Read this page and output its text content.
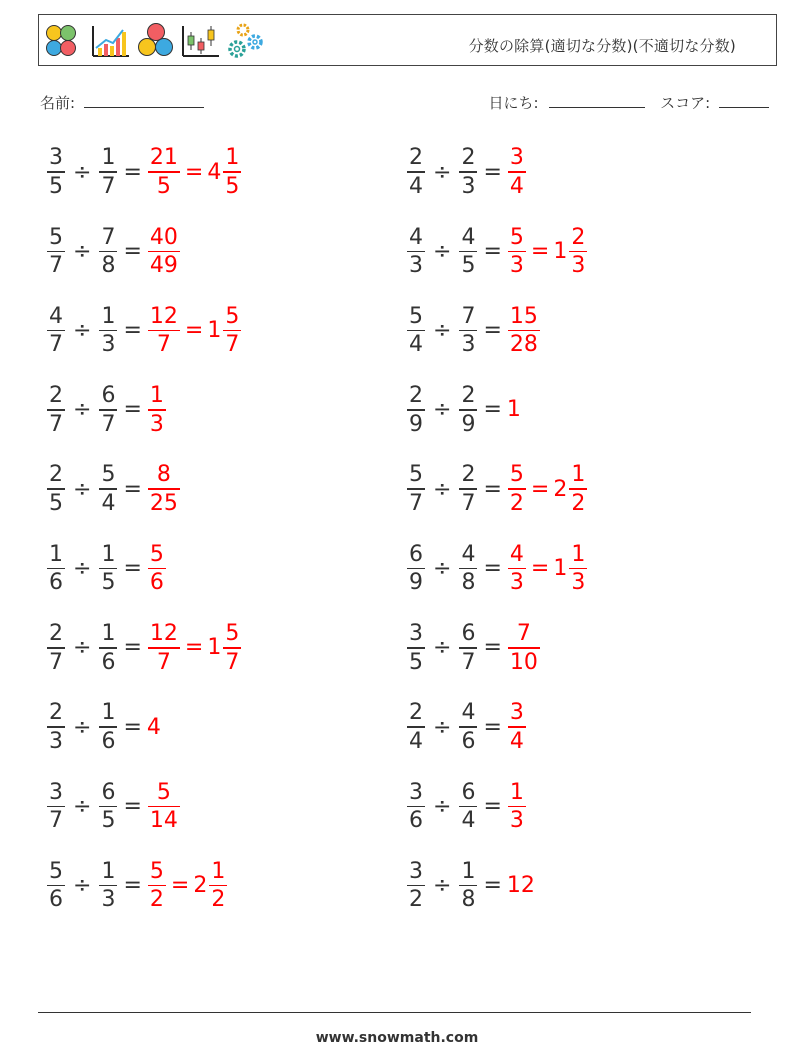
分数の除算(適切な分数)(不適切な分数)
名前:	日にち:	スコア:
$\frac{3}{5} \div \frac{1}{7} = \frac{21}{5} = 4 \frac{1}{5}$	$\frac{2}{4} \div \frac{2}{3} = \frac{3}{4}$
$\frac{5}{7} \div \frac{7}{8} = \frac{40}{49}$	$\frac{4}{3} \div \frac{4}{5} = \frac{5}{3} = 1 \frac{2}{3}$
$\frac{4}{7} \div \frac{1}{3} = \frac{12}{7} = 1 \frac{5}{7}$	$\frac{5}{4} \div \frac{7}{3} = \frac{15}{28}$
$\frac{2}{7} \div \frac{6}{7} = \frac{1}{3}$	$\frac{2}{9} \div \frac{2}{9} = 1$
$\frac{2}{5} \div \frac{5}{4} = \frac{8}{25}$	$\frac{5}{7} \div \frac{2}{7} = \frac{5}{2} = 2 \frac{1}{2}$
$\frac{1}{6} \div \frac{1}{5} = \frac{5}{6}$	$\frac{6}{9} \div \frac{4}{8} = \frac{4}{3} = 1 \frac{1}{3}$
$\frac{2}{7} \div \frac{1}{6} = \frac{12}{7} = 1 \frac{5}{7}$	$\frac{3}{5} \div \frac{6}{7} = \frac{7}{10}$
$\frac{2}{3} \div \frac{1}{6} = 4$	$\frac{2}{4} \div \frac{4}{6} = \frac{3}{4}$
$\frac{3}{7} \div \frac{6}{5} = \frac{5}{14}$	$\frac{3}{6} \div \frac{6}{4} = \frac{1}{3}$
$\frac{5}{6} \div \frac{1}{3} = \frac{5}{2} = 2 \frac{1}{2}$	$\frac{3}{2} \div \frac{1}{8} = 12$
www.snowmath.com
